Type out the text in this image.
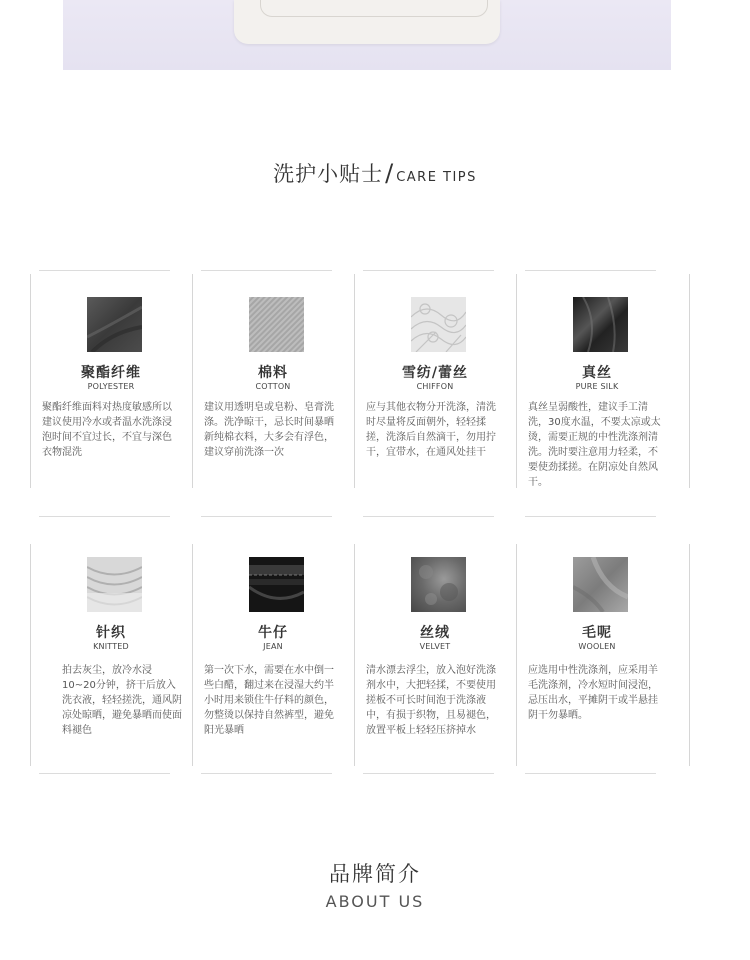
洗护小贴士/ CARE TIPS
聚酯纤维
POLYESTER
聚酯纤维面料对热度敏感所以建议使用冷水或者温水洗涤浸泡时间不宜过长，不宜与深色衣物混洗
棉料
COTTON
建议用透明皂或皂粉、皂膏洗涤。洗净晾干，忌长时间暴晒新纯棉衣料，大多会有浮色，建议穿前洗涤一次
雪纺/蕾丝
CHIFFON
应与其他衣物分开洗涤，清洗时尽量将反面朝外，轻轻揉搓，洗涤后自然滴干，勿用拧干，宜带水，在通风处挂干
真丝
PURE SILK
真丝呈弱酸性，建议手工清洗，30度水温，不要太凉或太烫，需要正规的中性洗涤剂清洗。洗时要注意用力轻柔，不要使劲揉搓。在阴凉处自然风干。
针织
KNITTED
拍去灰尘，放冷水浸10~20分钟，挤干后放入洗衣液，轻轻搓洗，通风阴凉处晾晒，避免暴晒而使面料褪色
牛仔
JEAN
第一次下水，需要在水中倒一些白醋，翻过来在浸湿大约半小时用来锁住牛仔料的颜色，勿整烫以保持自然裤型，避免阳光暴晒
丝绒
VELVET
清水漂去浮尘，放入泡好洗涤剂水中，大把轻揉，不要使用搓板不可长时间泡于洗涤液中，有损于织物，且易褪色，放置平板上轻轻压挤掉水
毛呢
WOOLEN
应选用中性洗涤剂，应采用羊毛洗涤剂，冷水短时间浸泡，忌压出水，平摊阴干或半悬挂阴干勿暴晒。
品牌简介
ABOUT US
